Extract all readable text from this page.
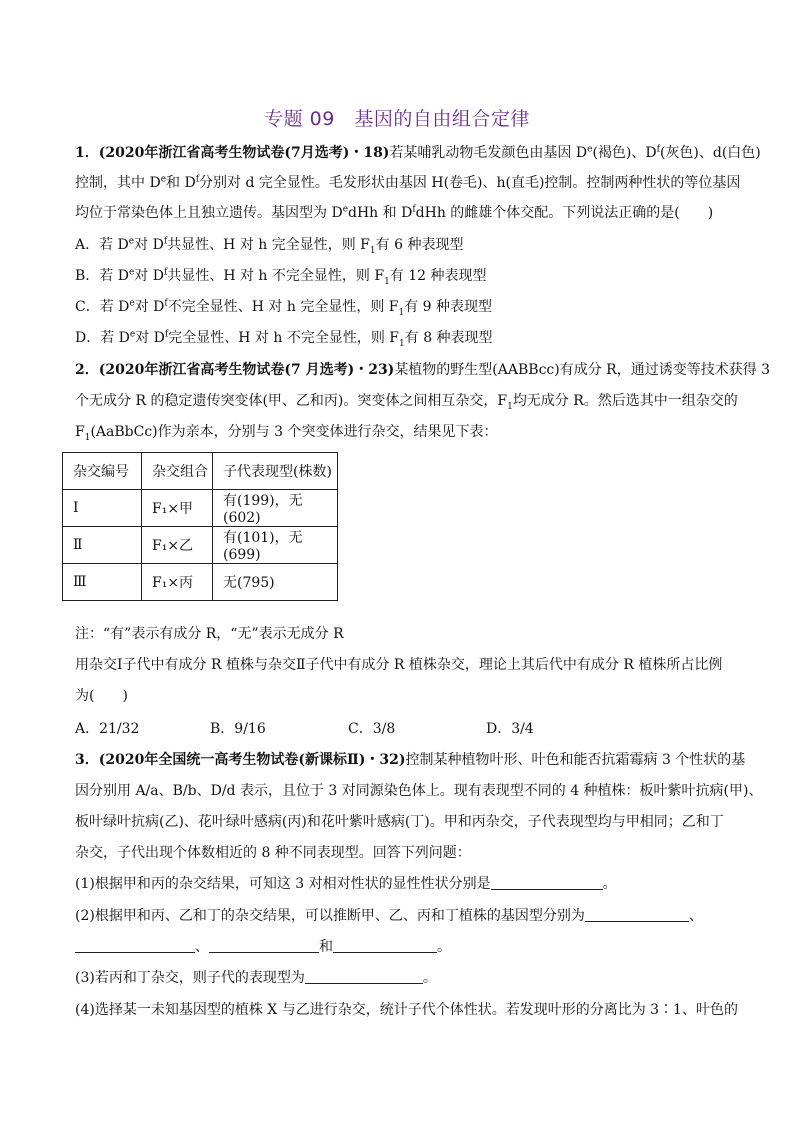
专题 09　基因的自由组合定律
1．(2020年浙江省高考生物试卷(7月选考)・18)若某哺乳动物毛发颜色由基因 De(褐色)、$D^f$(灰色)、d(白色)
控制，其中 De和 $D^f$分别对 d 完全显性。毛发形状由基因 H(卷毛)、h(直毛)控制。控制两种性状的等位基因
均位于常染色体上且独立遗传。基因型为 DedHh 和 $D^fdHh$ 的雌雄个体交配。下列说法正确的是(　　)
A．若 De对 $D^f$共显性、H 对 h 完全显性，则 $F_1$有 6 种表现型
B．若 De对 $D^f$共显性、H 对 h 不完全显性，则 $F_1$有 12 种表现型
C．若 De对 $D^f$不完全显性、H 对 h 完全显性，则 $F_1$有 9 种表现型
D．若 De对 $D^f$完全显性、H 对 h 不完全显性，则 $F_1$有 8 种表现型
2．(2020年浙江省高考生物试卷(7 月选考)・23)某植物的野生型(AABBcc)有成分 R，通过诱变等技术获得 3
个无成分 R 的稳定遗传突变体(甲、乙和丙)。突变体之间相互杂交，$F_1$均无成分 R。然后选其中一组杂交的
$F_1(AaBbCc)$作为亲本，分别与 3 个突变体进行杂交，结果见下表：
杂交编号	杂交组合	子代表现型(株数)
Ⅰ	F₁×甲	有(199)，无(602)
Ⅱ	F₁×乙	有(101)，无(699)
Ⅲ	F₁×丙	无(795)
注：“有”表示有成分 R，“无”表示无成分 R
用杂交Ⅰ子代中有成分 R 植株与杂交Ⅱ子代中有成分 R 植株杂交，理论上其后代中有成分 R 植株所占比例
为(　　)
A．21/32	B．9/16	C．3/8	D．3/4
3．(2020年全国统一高考生物试卷(新课标Ⅱ)・32)控制某种植物叶形、叶色和能否抗霜霉病 3 个性状的基
因分别用 A/a、B/b、D/d 表示，且位于 3 对同源染色体上。现有表现型不同的 4 种植株：板叶紫叶抗病(甲)、
板叶绿叶抗病(乙)、花叶绿叶感病(丙)和花叶紫叶感病(丁)。甲和丙杂交，子代表现型均与甲相同；乙和丁
杂交，子代出现个体数相近的 8 种不同表现型。回答下列问题：
(1)根据甲和丙的杂交结果，可知这 3 对相对性状的显性性状分别是	。
(2)根据甲和丙、乙和丁的杂交结果，可以推断甲、乙、丙和丁植株的基因型分别为	、
、	和	。
(3)若丙和丁杂交，则子代的表现型为	。
(4)选择某一未知基因型的植株 X 与乙进行杂交，统计子代个体性状。若发现叶形的分离比为 3∶1、叶色的
